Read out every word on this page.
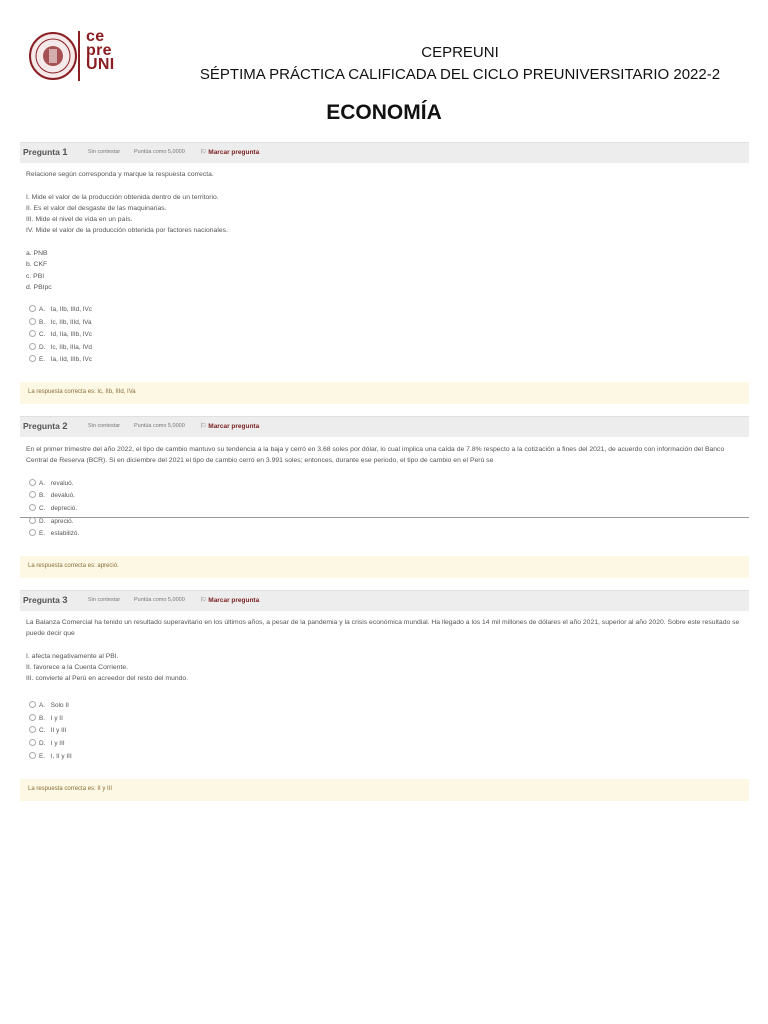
ce
pre
UNI
CEPREUNI
SÉPTIMA PRÁCTICA CALIFICADA DEL CICLO PREUNIVERSITARIO 2022-2
ECONOMÍA
Pregunta 1	Sin contestar	Puntúa como 5,0000 ⚐ Marcar pregunta
Relacione según corresponda y marque la respuesta correcta.

I. Mide el valor de la producción obtenida dentro de un territorio.
II. Es el valor del desgaste de las maquinarias.
III. Mide el nivel de vida en un país.
IV. Mide el valor de la producción obtenida por factores nacionales.

a. PNB
b. CKF
c. PBI
d. PBIpc
A. Ia, IIb, IIId, IVc
B. Ic, IIb, IIId, IVa
C. Id, IIa, IIIb, IVc
D. Ic, IIb, IIIa, IVd
E. Ia, IId, IIIb, IVc
La respuesta correcta es: Ic, IIb, IIId, IVa
Pregunta 2	Sin contestar	Puntúa como 5,0000 ⚐ Marcar pregunta
En el primer trimestre del año 2022, el tipo de cambio mantuvo su tendencia a la baja y cerró en 3.68 soles por dólar, lo cual implica una caída de 7.8% respecto a la cotización a fines del 2021, de acuerdo con información del Banco Central de Reserva (BCR). Si en diciembre del 2021 el tipo de cambio cerró en 3.991 soles; entonces, durante ese periodo, el tipo de cambio en el Perú se
A. revaluó.
B. devaluó.
C. depreció.
D. apreció.
E. estabilizó.
La respuesta correcta es: apreció.
Pregunta 3	Sin contestar	Puntúa como 5,0000 ⚐ Marcar pregunta
La Balanza Comercial ha tenido un resultado superavitario en los últimos años, a pesar de la pandemia y la crisis económica mundial. Ha llegado a los 14 mil millones de dólares el año 2021, superior al año 2020. Sobre este resultado se puede decir que

I. afecta negativamente al PBI.
II. favorece a la Cuenta Corriente.
III. convierte al Perú en acreedor del resto del mundo.
A. Solo II
B. I y II
C. II y III
D. I y III
E. I, II y III
La respuesta correcta es: II y III
